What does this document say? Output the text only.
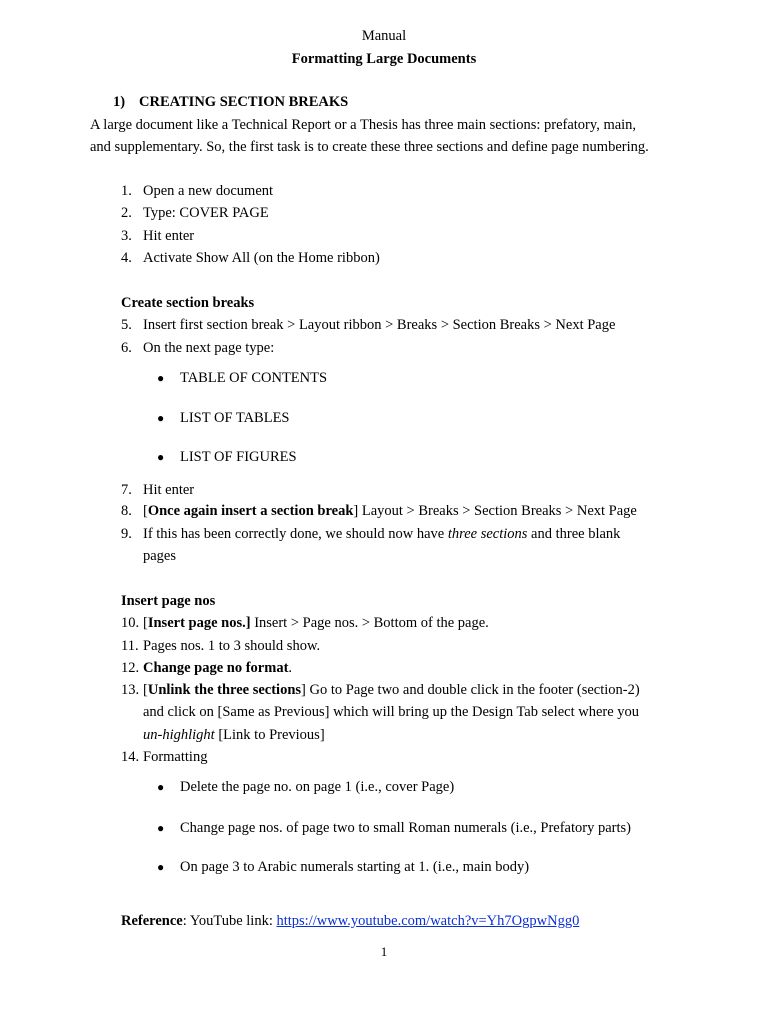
Manual
Formatting Large Documents
1) CREATING SECTION BREAKS
A large document like a Technical Report or a Thesis has three main sections: prefatory, main,
and supplementary. So, the first task is to create these three sections and define page numbering.
1. Open a new document
2. Type: COVER PAGE
3. Hit enter
4. Activate Show All (on the Home ribbon)
Create section breaks
5. Insert first section break > Layout ribbon > Breaks > Section Breaks > Next Page
6. On the next page type:
● TABLE OF CONTENTS
● LIST OF TABLES
● LIST OF FIGURES
7. Hit enter
8. [Once again insert a section break] Layout > Breaks > Section Breaks > Next Page
9. If this has been correctly done, we should now have three sections and three blank
pages
Insert page nos
10. [Insert page nos.] Insert > Page nos. > Bottom of the page.
11. Pages nos. 1 to 3 should show.
12. Change page no format.
13. [Unlink the three sections] Go to Page two and double click in the footer (section-2)
and click on [Same as Previous] which will bring up the Design Tab select where you
un-highlight [Link to Previous]
14. Formatting
● Delete the page no. on page 1 (i.e., cover Page)
● Change page nos. of page two to small Roman numerals (i.e., Prefatory parts)
● On page 3 to Arabic numerals starting at 1. (i.e., main body)
Reference: YouTube link: https://www.youtube.com/watch?v=Yh7OgpwNgg0
1
